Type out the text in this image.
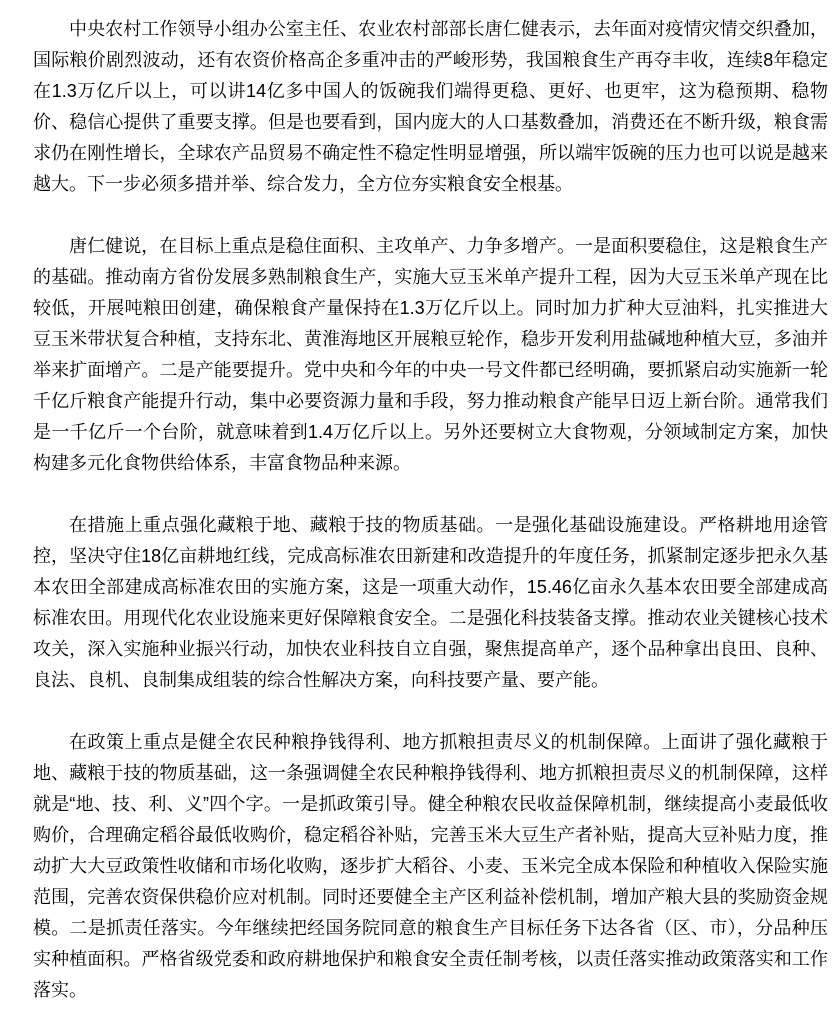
中央农村工作领导小组办公室主任、农业农村部部长唐仁健表示，去年面对疫情灾情交织叠加，国际粮价剧烈波动，还有农资价格高企多重冲击的严峻形势，我国粮食生产再夺丰收，连续8年稳定在1.3万亿斤以上，可以讲14亿多中国人的饭碗我们端得更稳、更好、也更牢，这为稳预期、稳物价、稳信心提供了重要支撑。但是也要看到，国内庞大的人口基数叠加，消费还在不断升级，粮食需求仍在刚性增长，全球农产品贸易不确定性不稳定性明显增强，所以端牢饭碗的压力也可以说是越来越大。下一步必须多措并举、综合发力，全方位夯实粮食安全根基。

唐仁健说，在目标上重点是稳住面积、主攻单产、力争多增产。一是面积要稳住，这是粮食生产的基础。推动南方省份发展多熟制粮食生产，实施大豆玉米单产提升工程，因为大豆玉米单产现在比较低，开展吨粮田创建，确保粮食产量保持在1.3万亿斤以上。同时加力扩种大豆油料，扎实推进大豆玉米带状复合种植，支持东北、黄淮海地区开展粮豆轮作，稳步开发利用盐碱地种植大豆，多油并举来扩面增产。二是产能要提升。党中央和今年的中央一号文件都已经明确，要抓紧启动实施新一轮千亿斤粮食产能提升行动，集中必要资源力量和手段，努力推动粮食产能早日迈上新台阶。通常我们是一千亿斤一个台阶，就意味着到1.4万亿斤以上。另外还要树立大食物观，分领域制定方案，加快构建多元化食物供给体系，丰富食物品种来源。

在措施上重点强化藏粮于地、藏粮于技的物质基础。一是强化基础设施建设。严格耕地用途管控，坚决守住18亿亩耕地红线，完成高标准农田新建和改造提升的年度任务，抓紧制定逐步把永久基本农田全部建成高标准农田的实施方案，这是一项重大动作，15.46亿亩永久基本农田要全部建成高标准农田。用现代化农业设施来更好保障粮食安全。二是强化科技装备支撑。推动农业关键核心技术攻关，深入实施种业振兴行动，加快农业科技自立自强，聚焦提高单产，逐个品种拿出良田、良种、良法、良机、良制集成组装的综合性解决方案，向科技要产量、要产能。

在政策上重点是健全农民种粮挣钱得利、地方抓粮担责尽义的机制保障。上面讲了强化藏粮于地、藏粮于技的物质基础，这一条强调健全农民种粮挣钱得利、地方抓粮担责尽义的机制保障，这样就是“地、技、利、义”四个字。一是抓政策引导。健全种粮农民收益保障机制，继续提高小麦最低收购价，合理确定稻谷最低收购价，稳定稻谷补贴，完善玉米大豆生产者补贴，提高大豆补贴力度，推动扩大大豆政策性收储和市场化收购，逐步扩大稻谷、小麦、玉米完全成本保险和种植收入保险实施范围，完善农资保供稳价应对机制。同时还要健全主产区利益补偿机制，增加产粮大县的奖励资金规模。二是抓责任落实。今年继续把经国务院同意的粮食生产目标任务下达各省（区、市），分品种压实种植面积。严格省级党委和政府耕地保护和粮食安全责任制考核，以责任落实推动政策落实和工作落实。
